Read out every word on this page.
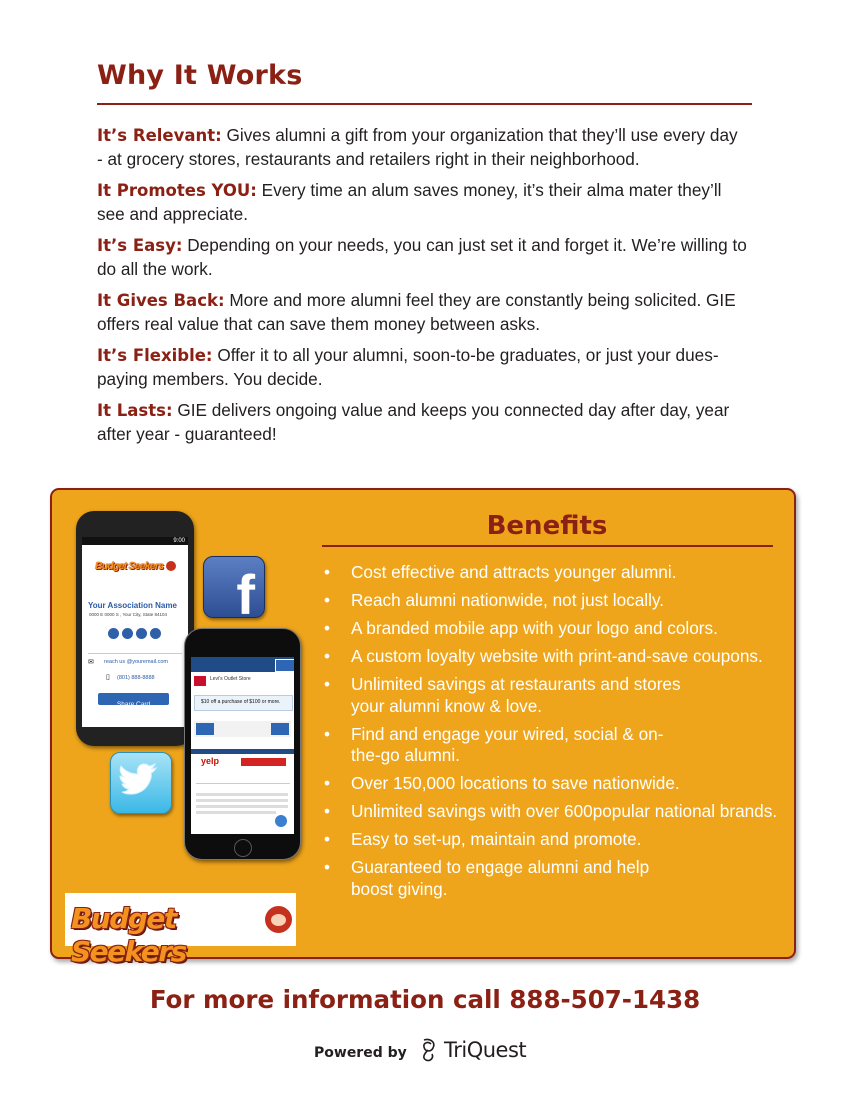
Why It Works

It’s Relevant: Gives alumni a gift from your organization that they’ll use every day - at grocery stores, restaurants and retailers right in their neighborhood.

It Promotes YOU: Every time an alum saves money, it’s their alma mater they’ll see and appreciate.

It’s Easy: Depending on your needs, you can just set it and forget it. We’re willing to do all the work.

It Gives Back: More and more alumni feel they are constantly being solicited. GIE offers real value that can save them money between asks.

It’s Flexible: Offer it to all your alumni, soon-to-be graduates, or just your dues-paying members. You decide.

It Lasts: GIE delivers ongoing value and keeps you connected day after day, year after year - guaranteed!

9:00
Budget Seekers
Your Association Name
0000 E 0000 S , Your City, State 84104
✉ reach us @youremail.com
▯ (801) 888-8888
Share Card
f
Levi's Outlet Store
$10 off a purchase of $100 or more.
yelp
Budget Seekers
Benefits
• Cost effective and attracts younger alumni.
• Reach alumni nationwide, not just locally.
• A branded mobile app with your logo and colors.
• A custom loyalty website with print-and-save coupons.
• Unlimited savings at restaurants and stores your alumni know & love.
• Find and engage your wired, social & on-the-go alumni.
• Over 150,000 locations to save nationwide.
• Unlimited savings with over 600popular national brands.
• Easy to set-up, maintain and promote.
• Guaranteed to engage alumni and help boost giving.

For more information call 888-507-1438

Powered by TriQuest
